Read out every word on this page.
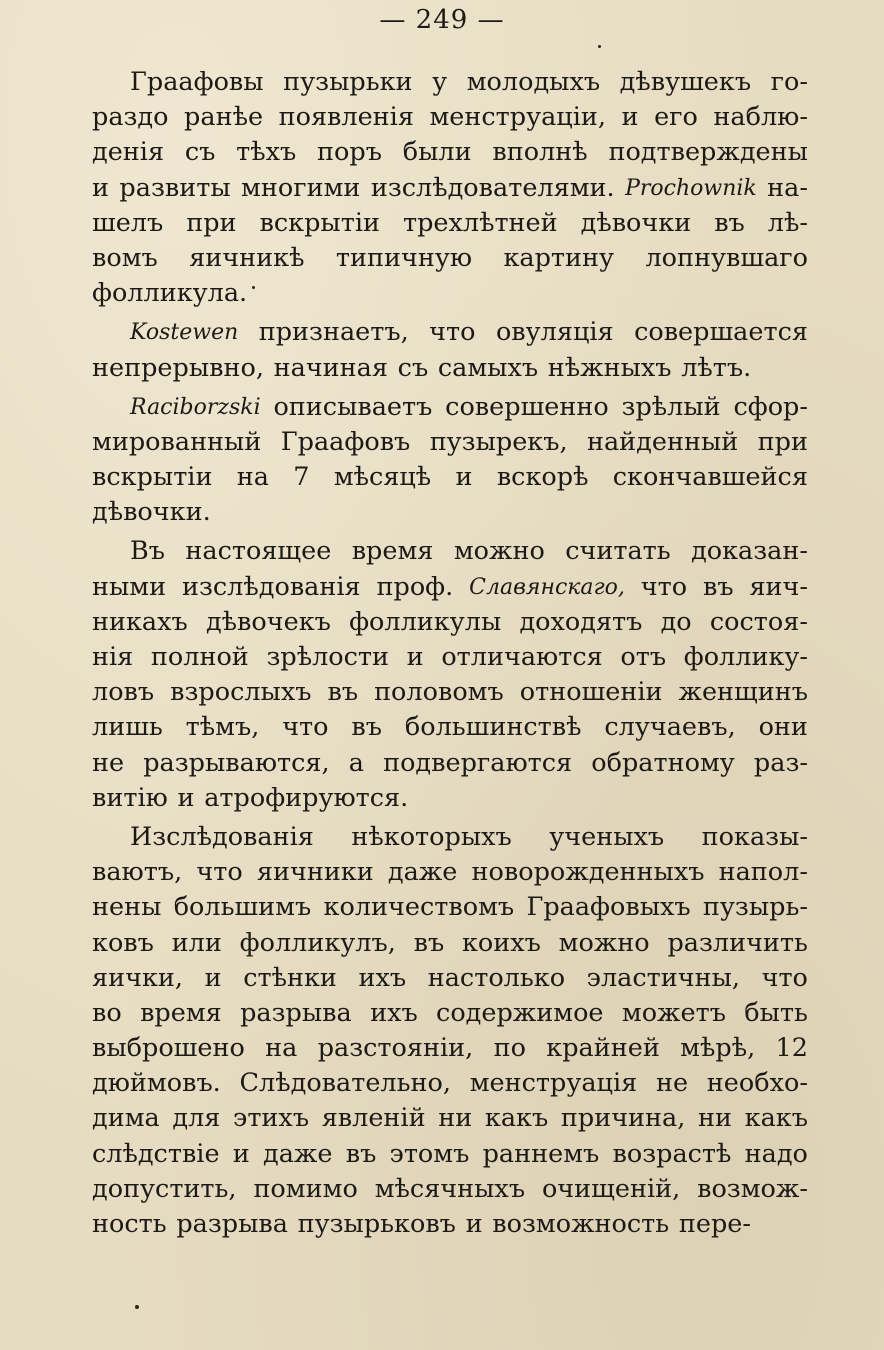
— 249 —
Граафовы пузырьки у молодыхъ дѣвушекъ го-
раздо ранѣе появленія менструаціи, и его наблю-
денія съ тѣхъ поръ были вполнѣ подтверждены
и развиты многими изслѣдователями. Prochownik на-
шелъ при вскрытіи трехлѣтней дѣвочки въ лѣ-
вомъ яичникѣ типичную картину лопнувшаго
фолликула.
Kostewen признаетъ, что овуляція совершается
непрерывно, начиная съ самыхъ нѣжныхъ лѣтъ.
Raciborzski описываетъ совершенно зрѣлый сфор-
мированный Граафовъ пузырекъ, найденный при
вскрытіи на 7 мѣсяцѣ и вскорѣ скончавшейся
дѣвочки.
Въ настоящее время можно считать доказан-
ными изслѣдованія проф. Славянскаго, что въ яич-
никахъ дѣвочекъ фолликулы доходятъ до состоя-
нія полной зрѣлости и отличаются отъ фоллику-
ловъ взрослыхъ въ половомъ отношеніи женщинъ
лишь тѣмъ, что въ большинствѣ случаевъ, они
не разрываются, а подвергаются обратному раз-
витію и атрофируются.
Изслѣдованія нѣкоторыхъ ученыхъ показы-
ваютъ, что яичники даже новорожденныхъ напол-
нены большимъ количествомъ Граафовыхъ пузырь-
ковъ или фолликулъ, въ коихъ можно различить
яички, и стѣнки ихъ настолько эластичны, что
во время разрыва ихъ содержимое можетъ быть
выброшено на разстояніи, по крайней мѣрѣ, 12
дюймовъ. Слѣдовательно, менструація не необхо-
дима для этихъ явленій ни какъ причина, ни какъ
слѣдствіе и даже въ этомъ раннемъ возрастѣ надо
допустить, помимо мѣсячныхъ очищеній, возмож-
ность разрыва пузырьковъ и возможность пере-
